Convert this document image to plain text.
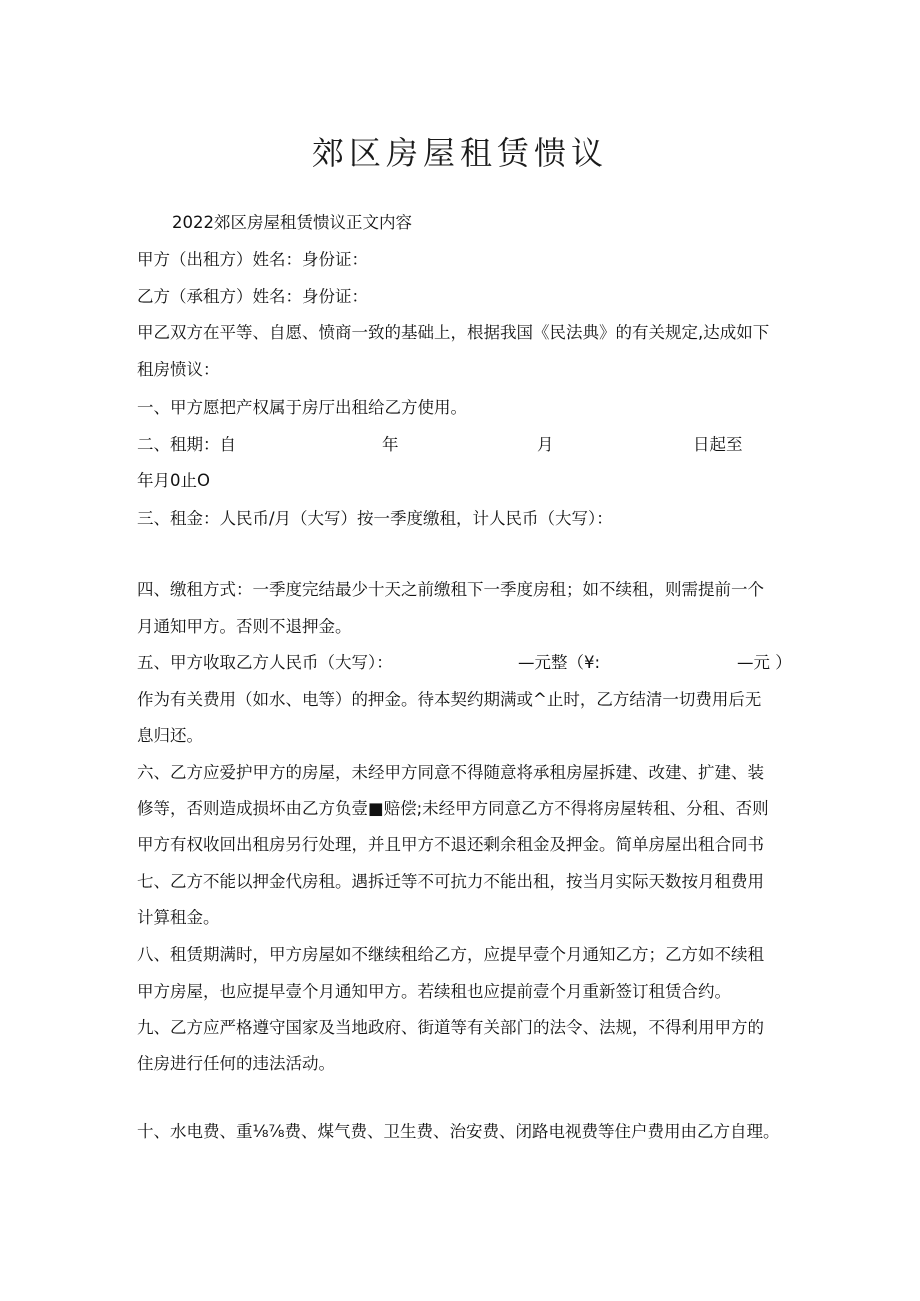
郊区房屋租赁愦议

2022郊区房屋租赁愦议正文内容

甲方（出租方）姓名：身份证：

乙方（承租方）姓名：身份证：

甲乙双方在平等、自愿、愤商一致的基础上，根据我国《民法典》的有关规定,达成如下

租房愤议：

一、甲方愿把产权属于房厅出租给乙方使用。

二、租期：自	年	月	日起至

年月0止O

三、租金：人民币/月（大写）按一季度缴租，计人民币（大写）：

四、缴租方式：一季度完结最少十天之前缴租下一季度房租；如不续租，则需提前一个

月通知甲方。否则不退押金。

五、甲方收取乙方人民币（大写）：	—元整（¥:	—元 ）

作为有关费用（如水、电等）的押金。待本契约期满或^止时，乙方结清一切费用后无

息归还。

六、乙方应爱护甲方的房屋，未经甲方同意不得随意将承租房屋拆建、改建、扩建、装

修等，否则造成损坏由乙方负壹■赔偿;未经甲方同意乙方不得将房屋转租、分租、否则

甲方有权收回出租房另行处理，并且甲方不退还剩余租金及押金。简单房屋出租合同书

七、乙方不能以押金代房租。遇拆迁等不可抗力不能出租，按当月实际天数按月租费用

计算租金。

八、租赁期满时，甲方房屋如不继续租给乙方，应提早壹个月通知乙方；乙方如不续租

甲方房屋，也应提早壹个月通知甲方。若续租也应提前壹个月重新签订租赁合约。

九、乙方应严格遵守国家及当地政府、街道等有关部门的法令、法规，不得利用甲方的

住房进行任何的违法活动。

十、水电费、重⅛⅞费、煤气费、卫生费、治安费、闭路电视费等住户费用由乙方自理。
